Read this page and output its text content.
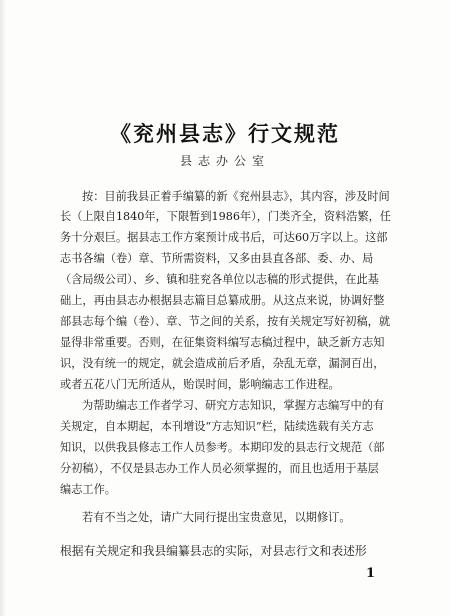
《兖州县志》行文规范
县志办公室
按：目前我县正着手编纂的新《兖州县志》，其内容，涉及时间
长（上限自1840年，下限暂到1986年），门类齐全，资料浩繁，任
务十分艰巨。据县志工作方案预计成书后，可达60万字以上。这部
志书各编（卷）章、节所需资料，又多由县直各部、委、办、局
（含局级公司）、乡、镇和驻兖各单位以志稿的形式提供，在此基
础上，再由县志办根据县志篇目总纂成册。从这点来说，协调好整
部县志每个编（卷）、章、节之间的关系，按有关规定写好初稿，就
显得非常重要。否则，在征集资料编写志稿过程中，缺乏新方志知
识，没有统一的规定，就会造成前后矛盾，杂乱无章，漏洞百出，
或者五花八门无所适从，贻误时间，影响编志工作进程。
为帮助编志工作者学习、研究方志知识，掌握方志编写中的有
关规定，自本期起，本刊增设“方志知识”栏，陆续选载有关方志
知识，以供我县修志工作人员参考。本期印发的县志行文规范（部
分初稿），不仅是县志办工作人员必须掌握的，而且也适用于基层
编志工作。
若有不当之处，请广大同行提出宝贵意见，以期修订。
根据有关规定和我县编纂县志的实际，对县志行文和表述形
1
